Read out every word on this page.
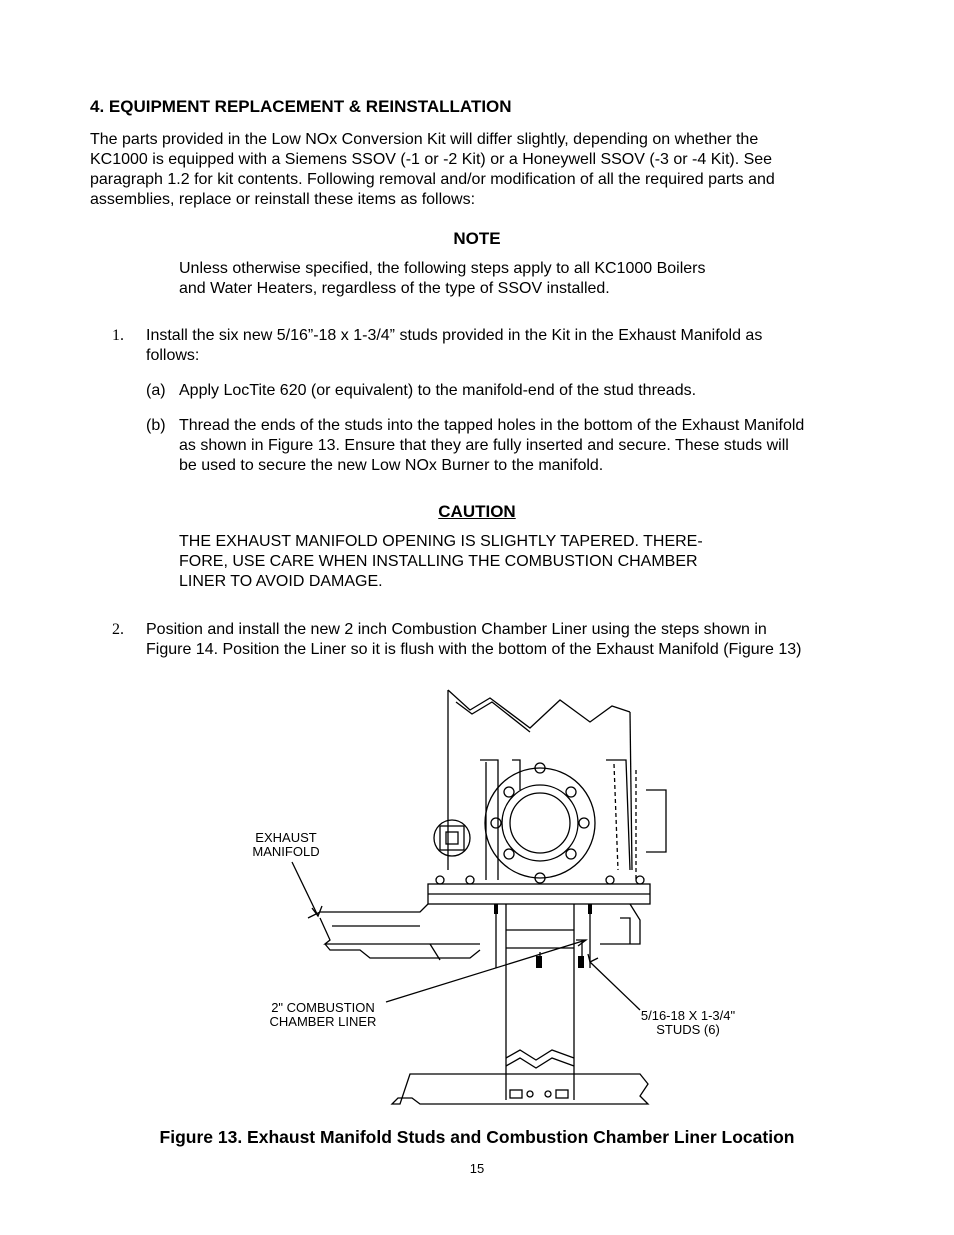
4. EQUIPMENT REPLACEMENT & REINSTALLATION
The parts provided in the Low NOx Conversion Kit will differ slightly, depending on whether the
KC1000 is equipped with a Siemens SSOV (-1 or -2 Kit) or a Honeywell SSOV (-3 or -4 Kit). See
paragraph 1.2 for kit contents. Following removal and/or modification of all the required parts and
assemblies, replace or reinstall these items as follows:
NOTE
Unless otherwise specified, the following steps apply to all KC1000 Boilers
and Water Heaters, regardless of the type of SSOV installed.
1. Install the six new 5/16”-18 x 1-3/4” studs provided in the Kit in the Exhaust Manifold as
follows:
(a) Apply LocTite 620 (or equivalent) to the manifold-end of the stud threads.
(b) Thread the ends of the studs into the tapped holes in the bottom of the Exhaust Manifold
as shown in Figure 13. Ensure that they are fully inserted and secure. These studs will
be used to secure the new Low NOx Burner to the manifold.
CAUTION
THE EXHAUST MANIFOLD OPENING IS SLIGHTLY TAPERED. THERE-
FORE, USE CARE WHEN INSTALLING THE COMBUSTION CHAMBER
LINER TO AVOID DAMAGE.
2. Position and install the new 2 inch Combustion Chamber Liner using the steps shown in
Figure 14. Position the Liner so it is flush with the bottom of the Exhaust Manifold (Figure 13)
EXHAUST
MANIFOLD
2" COMBUSTION
CHAMBER LINER	5/16-18 X 1-3/4"
STUDS (6)
Figure 13. Exhaust Manifold Studs and Combustion Chamber Liner Location
15
